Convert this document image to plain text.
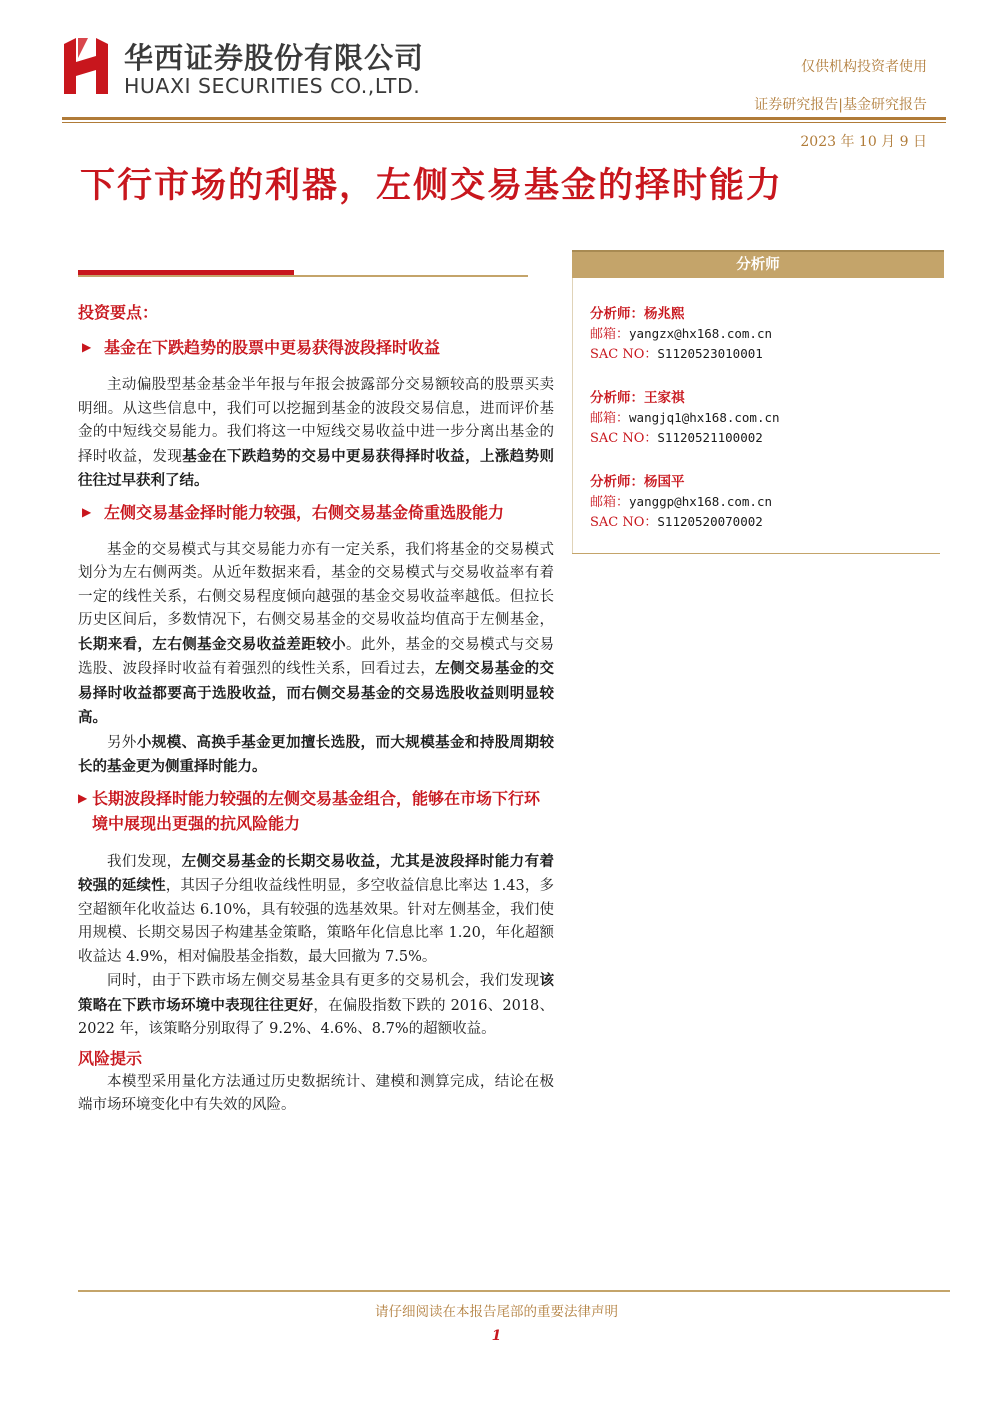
华西证券股份有限公司
HUAXI SECURITIES CO.,LTD.
仅供机构投资者使用
证券研究报告|基金研究报告
2023 年 10 月 9 日
下行市场的利器，左侧交易基金的择时能力
投资要点：
▶ 基金在下跌趋势的股票中更易获得波段择时收益

主动偏股型基金基金半年报与年报会披露部分交易额较高的股票买卖明细。从这些信息中，我们可以挖掘到基金的波段交易信息，进而评价基金的中短线交易能力。我们将这一中短线交易收益中进一步分离出基金的择时收益，发现基金在下跌趋势的交易中更易获得择时收益，上涨趋势则往往过早获利了结。

▶ 左侧交易基金择时能力较强，右侧交易基金倚重选股能力

基金的交易模式与其交易能力亦有一定关系，我们将基金的交易模式划分为左右侧两类。从近年数据来看，基金的交易模式与交易收益率有着一定的线性关系，右侧交易程度倾向越强的基金交易收益率越低。但拉长历史区间后，多数情况下，右侧交易基金的交易收益均值高于左侧基金，长期来看，左右侧基金交易收益差距较小。此外，基金的交易模式与交易选股、波段择时收益有着强烈的线性关系，回看过去，左侧交易基金的交易择时收益都要高于选股收益，而右侧交易基金的交易选股收益则明显较高。

另外小规模、高换手基金更加擅长选股，而大规模基金和持股周期较长的基金更为侧重择时能力。

▶ 长期波段择时能力较强的左侧交易基金组合，能够在市场下行环境中展现出更强的抗风险能力

我们发现，左侧交易基金的长期交易收益，尤其是波段择时能力有着较强的延续性，其因子分组收益线性明显，多空收益信息比率达 1.43，多空超额年化收益达 6.10%，具有较强的选基效果。针对左侧基金，我们使用规模、长期交易因子构建基金策略，策略年化信息比率 1.20，年化超额收益达 4.9%，相对偏股基金指数，最大回撤为 7.5%。

同时，由于下跌市场左侧交易基金具有更多的交易机会，我们发现该策略在下跌市场环境中表现往往更好，在偏股指数下跌的 2016、2018、2022 年，该策略分别取得了 9.2%、4.6%、8.7%的超额收益。

风险提示

本模型采用量化方法通过历史数据统计、建模和测算完成，结论在极端市场环境变化中有失效的风险。

分析师
分析师：杨兆熙
邮箱：yangzx@hx168.com.cn
SAC NO：S1120523010001
分析师：王家祺
邮箱：wangjq1@hx168.com.cn
SAC NO：S1120521100002
分析师：杨国平
邮箱：yanggp@hx168.com.cn
SAC NO：S1120520070002
请仔细阅读在本报告尾部的重要法律声明
1
